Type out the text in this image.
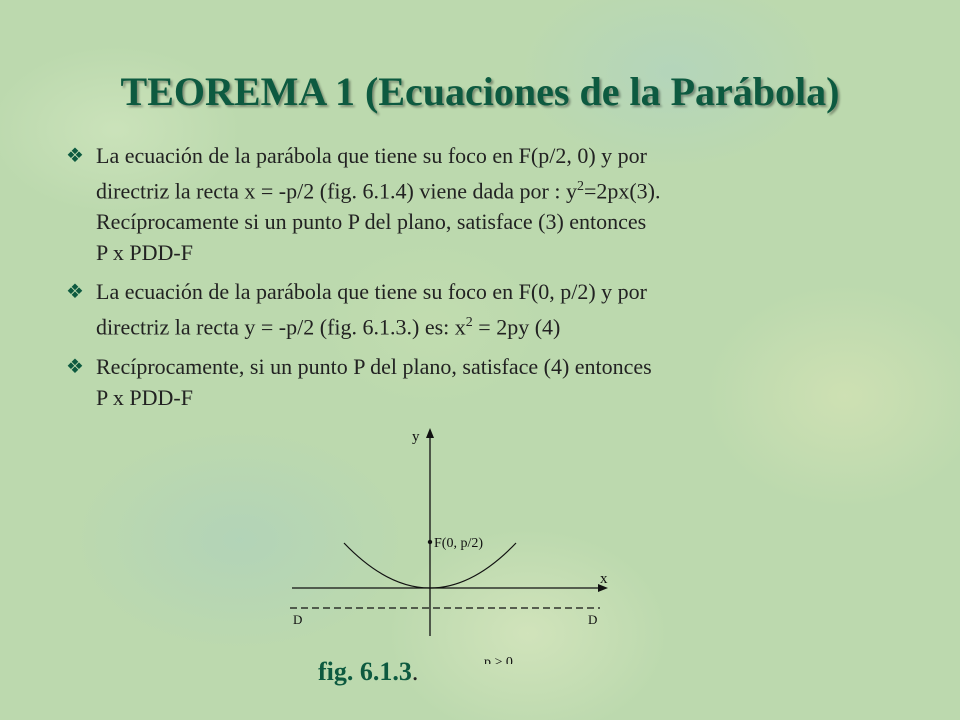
TEOREMA 1 (Ecuaciones de la Parábola)
❖ La ecuación de la parábola que tiene su foco en F(p/2, 0) y por
directriz la recta x = -p/2 (fig. 6.1.4) viene dada por : $y^2=2px(3)$.
Recíprocamente si un punto P del plano, satisface (3) entonces
P x PDD-F
❖ La ecuación de la parábola que tiene su foco en F(0, p/2) y por
directriz la recta y = -p/2 (fig. 6.1.3.) es: $x^2 = 2py$ (4)
❖ Recíprocamente, si un punto P del plano, satisface (4) entonces
P x PDD-F
y
x
F(0, p/2)
D	D
p > 0
fig. 6.1.3.
